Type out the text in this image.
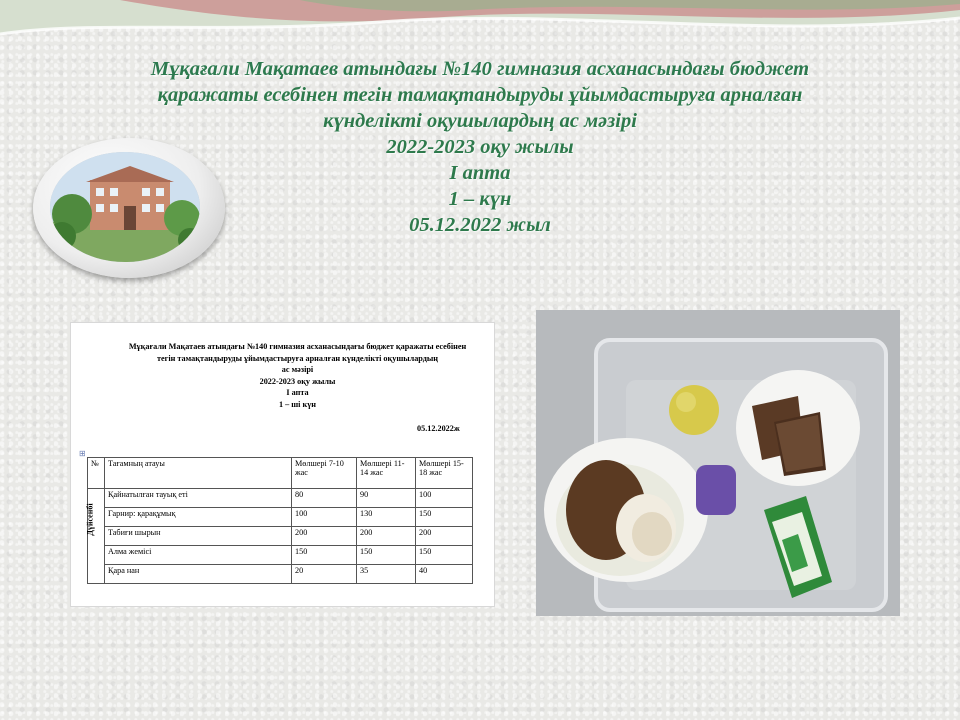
Мұқағали Мақатаев атындағы №140 гимназия асханасындағы бюджет
қаражаты есебінен тегін тамақтандыруды ұйымдастыруға арналған
күнделікті оқушылардың ас мәзірі
2022-2023 оқу жылы
I апта
1 – күн
05.12.2022 жыл
Мұқағали Мақатаев атындағы №140 гимназия асханасындағы бюджет қаражаты есебінен
тегін тамақтандыруды ұйымдастыруға арналған күнделікті оқушылардың
ас мәзірі
2022-2023 оқу жылы
I апта
1 – ші күн
05.12.2022ж
⊞
№	Тағамның атауы	Мөлшері 7-10 жас	Мөлшері 11-14 жас	Мөлшері 15-18 жас

Дүйсенбі	Қайнатылған тауық еті	80	90	100
	Гарнир: қарақұмық	100	130	150
	Табиғи шырын	200	200	200
	Алма жемісі	150	150	150
	Қара нан	20	35	40
